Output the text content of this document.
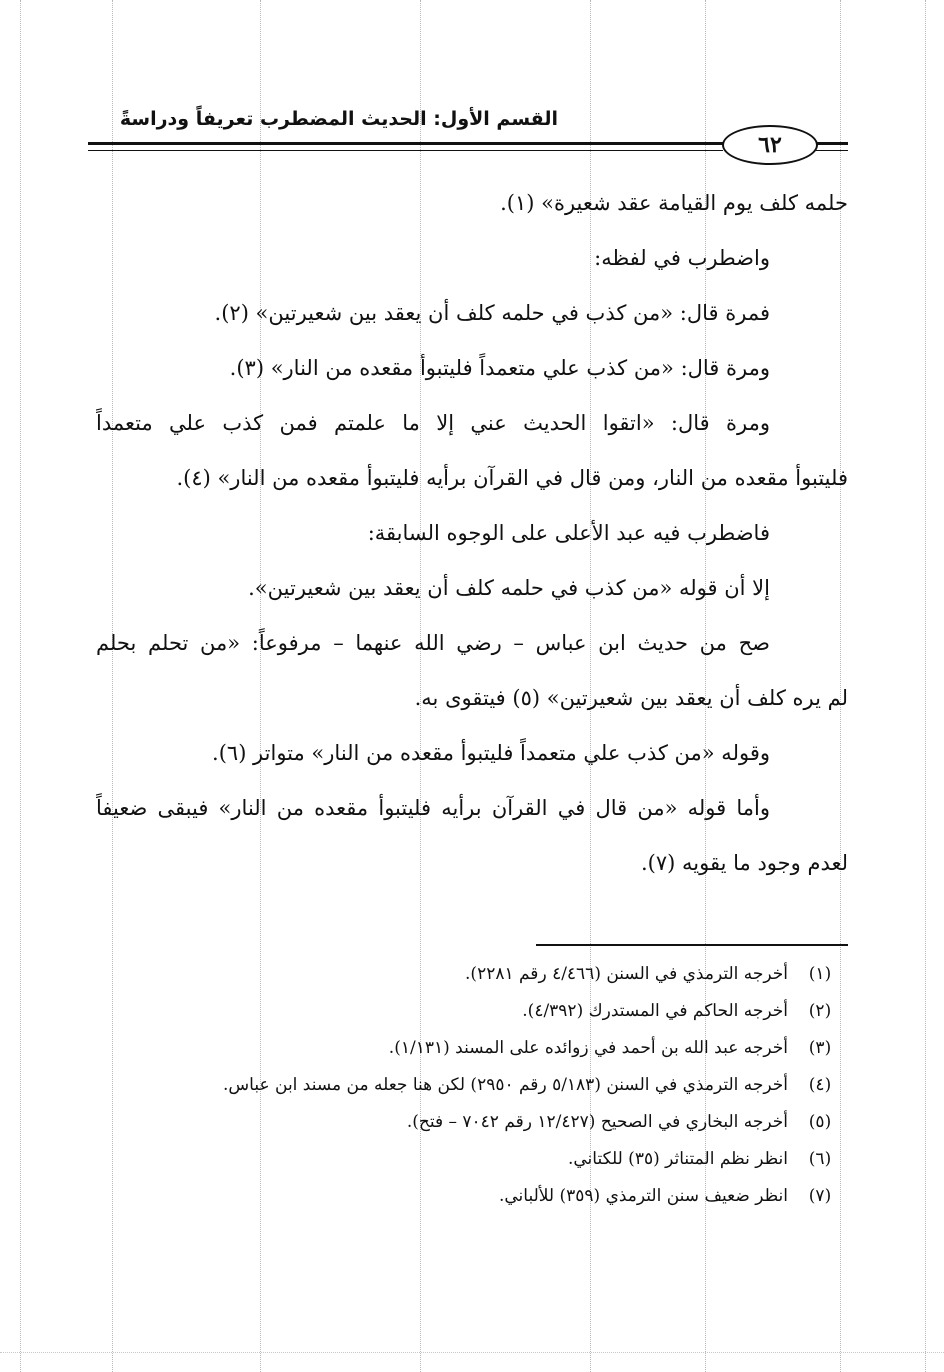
القسم الأول: الحديث المضطرب تعريفاً ودراسةً
٦٢
حلمه كلف يوم القيامة عقد شعيرة» (١).
واضطرب في لفظه:
فمرة قال: «من كذب في حلمه كلف أن يعقد بين شعيرتين» (٢).
ومرة قال: «من كذب علي متعمداً فليتبوأ مقعده من النار» (٣).
ومرة قال: «اتقوا الحديث عني إلا ما علمتم فمن كذب علي متعمداً
فليتبوأ مقعده من النار، ومن قال في القرآن برأيه فليتبوأ مقعده من النار» (٤).
فاضطرب فيه عبد الأعلى على الوجوه السابقة:
إلا أن قوله «من كذب في حلمه كلف أن يعقد بين شعيرتين».
صح من حديث ابن عباس – رضي الله عنهما – مرفوعاً: «من تحلم بحلم
لم يره كلف أن يعقد بين شعيرتين» (٥) فيتقوى به.
وقوله «من كذب علي متعمداً فليتبوأ مقعده من النار» متواتر (٦).
وأما قوله «من قال في القرآن برأيه فليتبوأ مقعده من النار» فيبقى ضعيفاً
لعدم وجود ما يقويه (٧).
(١)
أخرجه الترمذي في السنن (٤/٤٦٦ رقم ٢٢٨١).
(٢)
أخرجه الحاكم في المستدرك (٤/٣٩٢).
(٣)
أخرجه عبد الله بن أحمد في زوائده على المسند (١/١٣١).
(٤)
أخرجه الترمذي في السنن (٥/١٨٣ رقم ٢٩٥٠) لكن هنا جعله من مسند ابن عباس.
(٥)
أخرجه البخاري في الصحيح (١٢/٤٢٧ رقم ٧٠٤٢ – فتح).
(٦)
انظر نظم المتناثر (٣٥) للكتاني.
(٧)
انظر ضعيف سنن الترمذي (٣٥٩) للألباني.
